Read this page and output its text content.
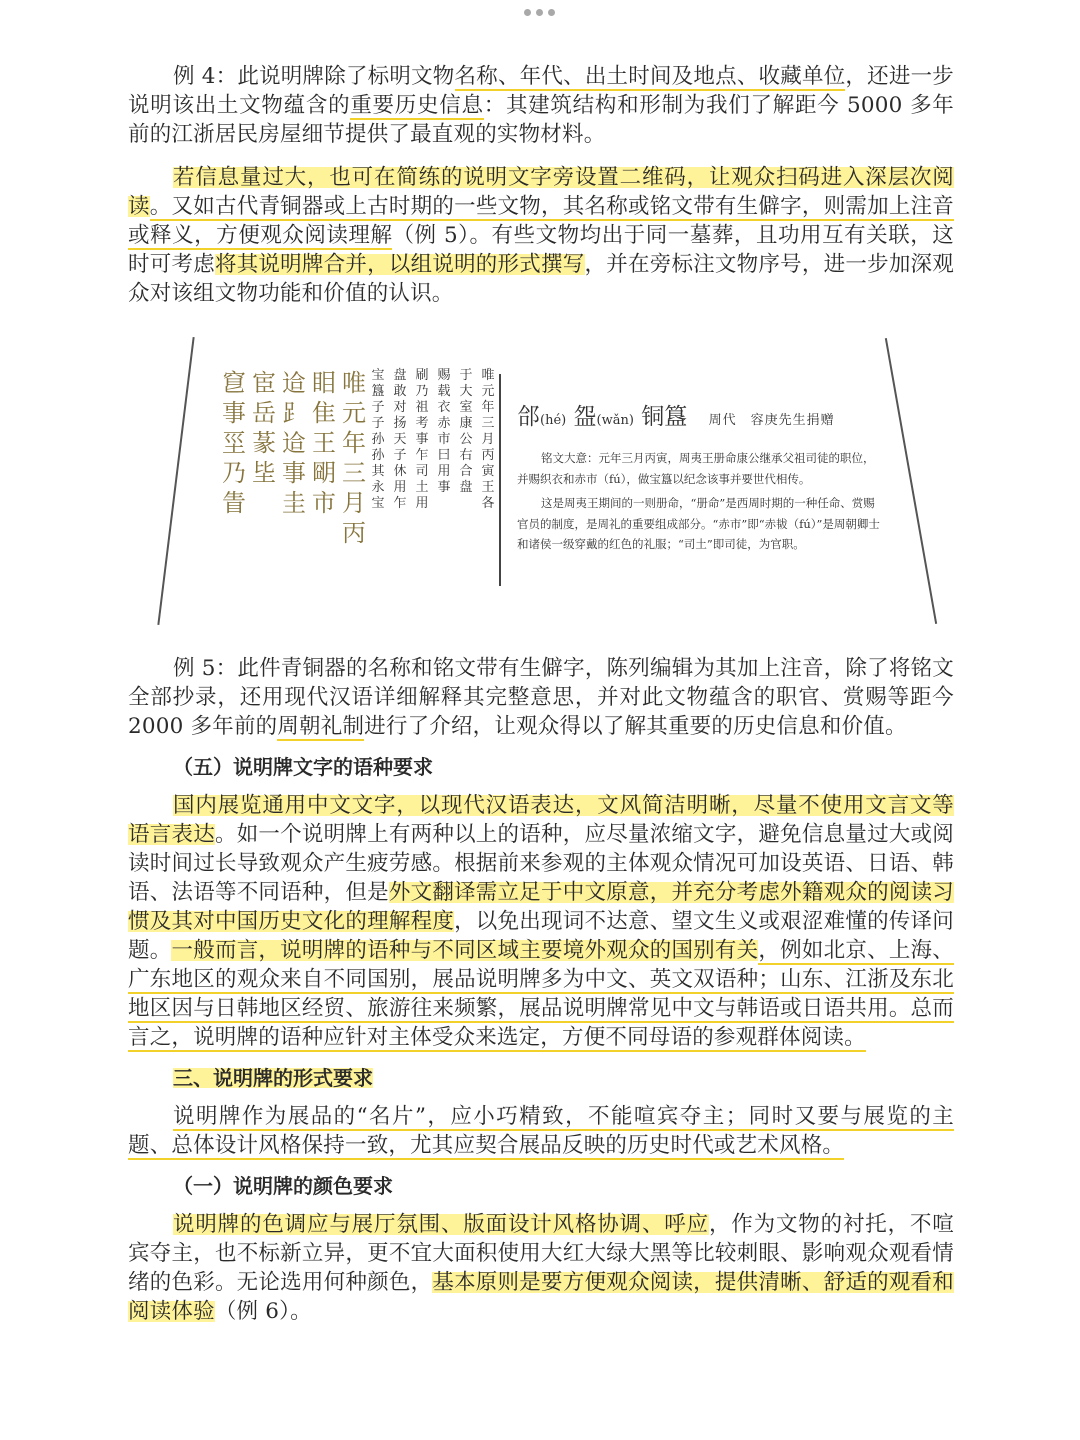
例 4：此说明牌除了标明文物名称、年代、出土时间及地点、收藏单位，还进一步说明该出土文物蕴含的重要历史信息：其建筑结构和形制为我们了解距今 5000 多年前的江浙居民房屋细节提供了最直观的实物材料。

若信息量过大，也可在简练的说明文字旁设置二维码，让观众扫码进入深层次阅读。又如古代青铜器或上古时期的一些文物，其名称或铭文带有生僻字，则需加上注音或释义，方便观众阅读理解（例 5）。有些文物均出于同一墓葬，且功用互有关联，这时可考虑将其说明牌合并，以组说明的形式撰写，并在旁标注文物序号，进一步加深观众对该组文物功能和价值的认识。

䆞事坙乃眚
宦岳蒃坒
䢔⻊䢔事圭
䀠隹王朙市
唯元年三月丙
宝簋子子孙孙其永宝
盘敢对扬天子休用乍
刷乃祖考事乍司土用
赐载衣赤市曰用事
于大室康公右合盘
唯元年三月丙寅王各
郃(hé) 盌(wǎn) 铜簋 周代　容庚先生捐赠
铭文大意：元年三月丙寅，周夷王册命康公继承父祖司徒的职位，并赐织衣和赤市（fú），做宝簋以纪念该事并要世代相传。
这是周夷王期间的一则册命，“册命”是西周时期的一种任命、赏赐官员的制度，是周礼的重要组成部分。“赤市”即“赤韨（fú）”是周朝卿士和诸侯一级穿戴的红色的礼服；“司土”即司徒，为官职。

例 5：此件青铜器的名称和铭文带有生僻字，陈列编辑为其加上注音，除了将铭文全部抄录，还用现代汉语详细解释其完整意思，并对此文物蕴含的职官、赏赐等距今 2000 多年前的周朝礼制进行了介绍，让观众得以了解其重要的历史信息和价值。

（五）说明牌文字的语种要求

国内展览通用中文文字，以现代汉语表达，文风简洁明晰，尽量不使用文言文等语言表达。如一个说明牌上有两种以上的语种，应尽量浓缩文字，避免信息量过大或阅读时间过长导致观众产生疲劳感。根据前来参观的主体观众情况可加设英语、日语、韩语、法语等不同语种，但是外文翻译需立足于中文原意，并充分考虑外籍观众的阅读习惯及其对中国历史文化的理解程度，以免出现词不达意、望文生义或艰涩难懂的传译问题。一般而言，说明牌的语种与不同区域主要境外观众的国别有关，例如北京、上海、广东地区的观众来自不同国别，展品说明牌多为中文、英文双语种；山东、江浙及东北地区因与日韩地区经贸、旅游往来频繁，展品说明牌常见中文与韩语或日语共用。总而言之，说明牌的语种应针对主体受众来选定，方便不同母语的参观群体阅读。

三、说明牌的形式要求

说明牌作为展品的“名片”，应小巧精致，不能喧宾夺主；同时又要与展览的主题、总体设计风格保持一致，尤其应契合展品反映的历史时代或艺术风格。

（一）说明牌的颜色要求

说明牌的色调应与展厅氛围、版面设计风格协调、呼应，作为文物的衬托，不喧宾夺主，也不标新立异，更不宜大面积使用大红大绿大黑等比较刺眼、影响观众观看情绪的色彩。无论选用何种颜色，基本原则是要方便观众阅读，提供清晰、舒适的观看和阅读体验（例 6）。
